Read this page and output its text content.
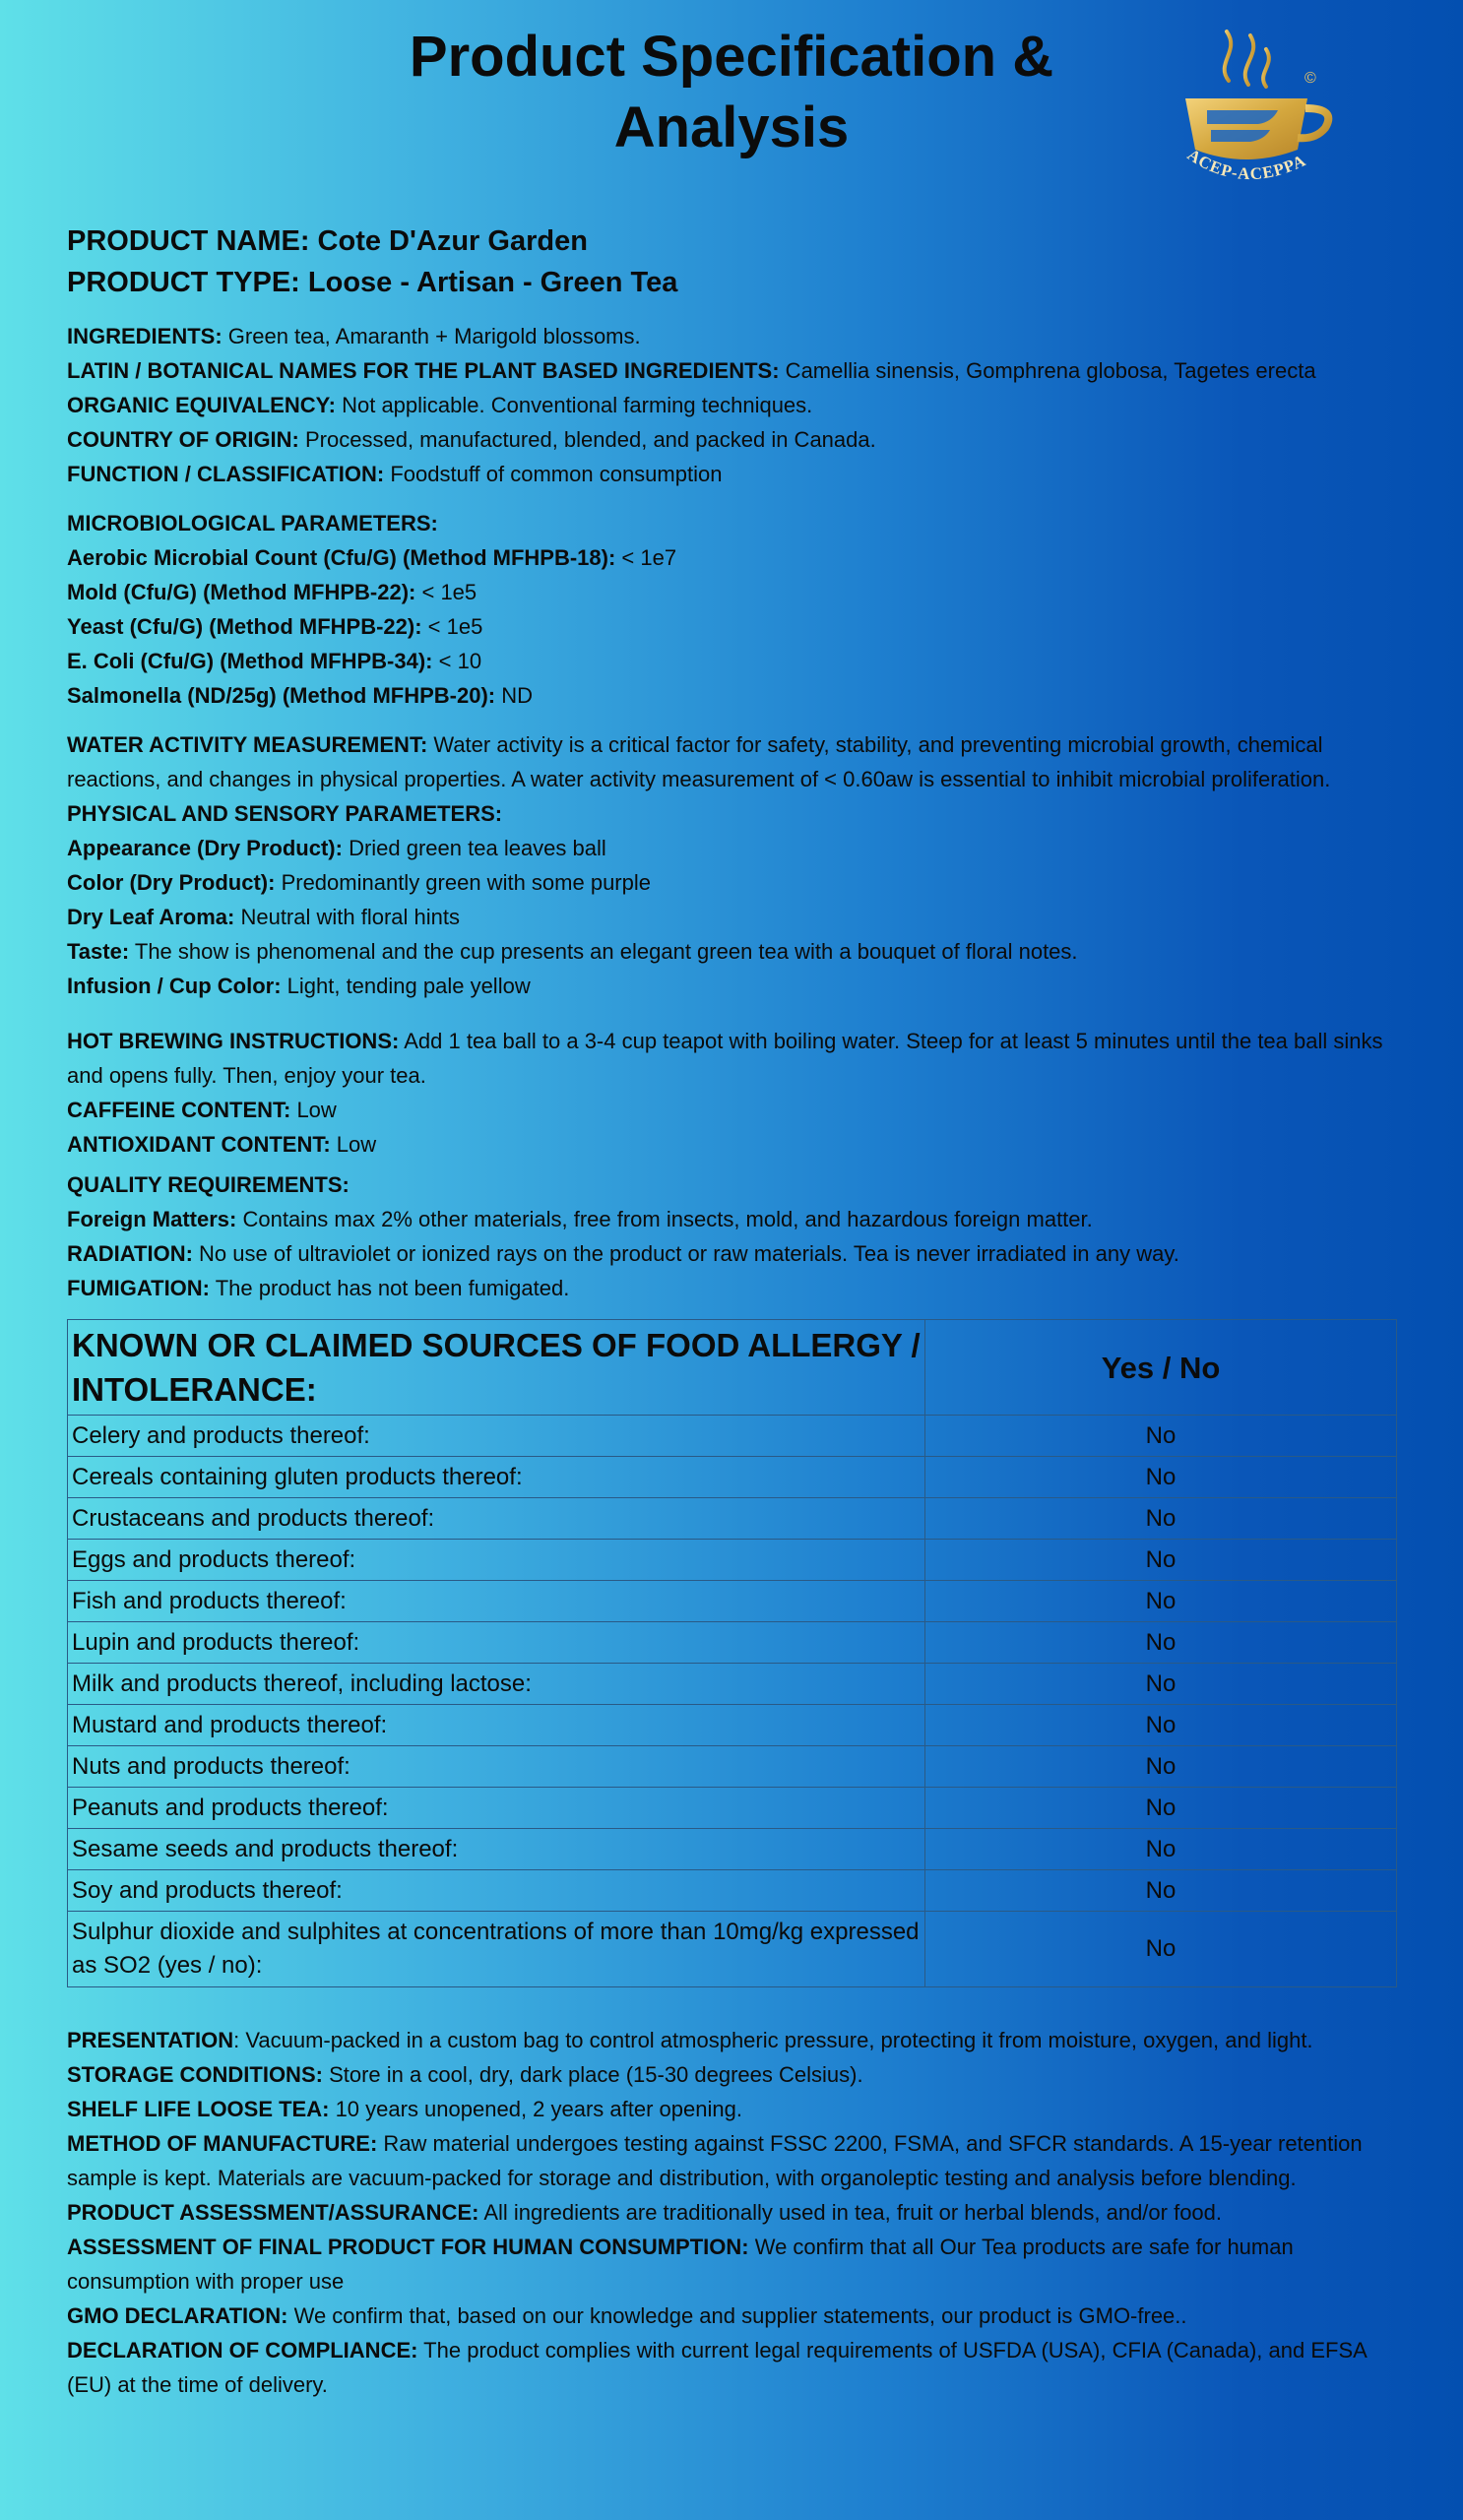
Product Specification & Analysis
©
ACEP-ACEPPA

PRODUCT NAME: Cote D'Azur Garden

PRODUCT TYPE: Loose - Artisan - Green Tea

INGREDIENTS: Green tea, Amaranth + Marigold blossoms.

LATIN / BOTANICAL NAMES FOR THE PLANT BASED INGREDIENTS: Camellia sinensis, Gomphrena globosa, Tagetes erecta

ORGANIC EQUIVALENCY: Not applicable. Conventional farming techniques.

COUNTRY OF ORIGIN: Processed, manufactured, blended, and packed in Canada.

FUNCTION / CLASSIFICATION: Foodstuff of common consumption

MICROBIOLOGICAL PARAMETERS:

Aerobic Microbial Count (Cfu/G) (Method MFHPB-18): < 1e7

Mold (Cfu/G) (Method MFHPB-22): < 1e5

Yeast (Cfu/G) (Method MFHPB-22): < 1e5

E. Coli (Cfu/G) (Method MFHPB-34): < 10

Salmonella (ND/25g) (Method MFHPB-20): ND

WATER ACTIVITY MEASUREMENT: Water activity is a critical factor for safety, stability, and preventing microbial growth, chemical reactions, and changes in physical properties. A water activity measurement of < 0.60aw is essential to inhibit microbial proliferation.

PHYSICAL AND SENSORY PARAMETERS:

Appearance (Dry Product): Dried green tea leaves ball

Color (Dry Product): Predominantly green with some purple

Dry Leaf Aroma: Neutral with floral hints

Taste: The show is phenomenal and the cup presents an elegant green tea with a bouquet of floral notes.

Infusion / Cup Color: Light, tending pale yellow

HOT BREWING INSTRUCTIONS: Add 1 tea ball to a 3-4 cup teapot with boiling water. Steep for at least 5 minutes until the tea ball sinks and opens fully. Then, enjoy your tea.

CAFFEINE CONTENT: Low

ANTIOXIDANT CONTENT: Low

QUALITY REQUIREMENTS:

Foreign Matters: Contains max 2% other materials, free from insects, mold, and hazardous foreign matter.

RADIATION: No use of ultraviolet or ionized rays on the product or raw materials. Tea is never irradiated in any way.

FUMIGATION: The product has not been fumigated.

KNOWN OR CLAIMED SOURCES OF FOOD ALLERGY / INTOLERANCE:	Yes / No
Celery and products thereof:	No
Cereals containing gluten products thereof:	No
Crustaceans and products thereof:	No
Eggs and products thereof:	No
Fish and products thereof:	No
Lupin and products thereof:	No
Milk and products thereof, including lactose:	No
Mustard and products thereof:	No
Nuts and products thereof:	No
Peanuts and products thereof:	No
Sesame seeds and products thereof:	No
Soy and products thereof:	No
Sulphur dioxide and sulphites at concentrations of more than 10mg/kg expressed as SO2 (yes / no):	No

PRESENTATION: Vacuum-packed in a custom bag to control atmospheric pressure, protecting it from moisture, oxygen, and light.

STORAGE CONDITIONS: Store in a cool, dry, dark place (15-30 degrees Celsius).

SHELF LIFE LOOSE TEA: 10 years unopened, 2 years after opening.

METHOD OF MANUFACTURE: Raw material undergoes testing against FSSC 2200, FSMA, and SFCR standards. A 15-year retention sample is kept. Materials are vacuum-packed for storage and distribution, with organoleptic testing and analysis before blending.

PRODUCT ASSESSMENT/ASSURANCE: All ingredients are traditionally used in tea, fruit or herbal blends, and/or food.

ASSESSMENT OF FINAL PRODUCT FOR HUMAN CONSUMPTION: We confirm that all Our Tea products are safe for human consumption with proper use

GMO DECLARATION: We confirm that, based on our knowledge and supplier statements, our product is GMO-free..

DECLARATION OF COMPLIANCE: The product complies with current legal requirements of USFDA (USA), CFIA (Canada), and EFSA (EU) at the time of delivery.
